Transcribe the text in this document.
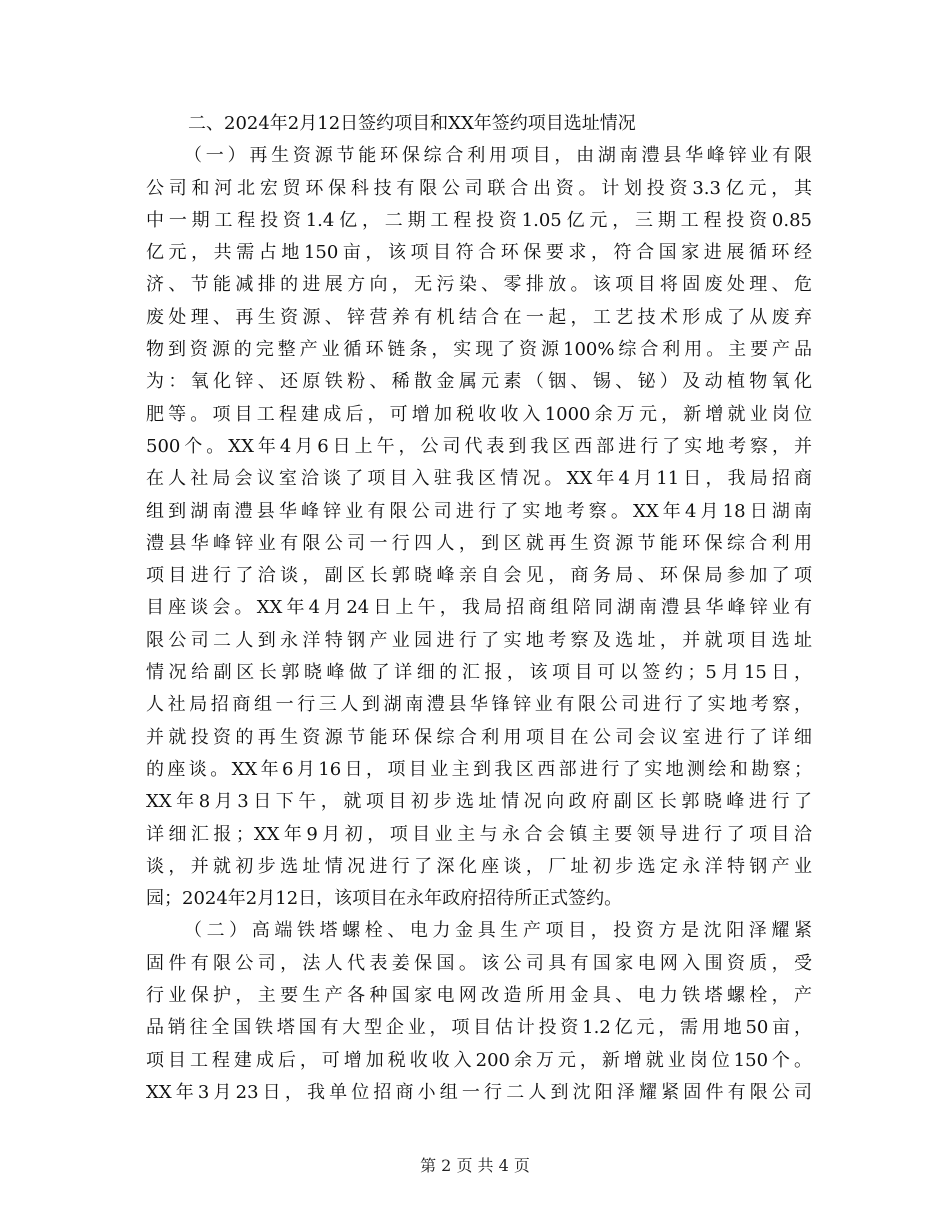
二、2024年2月12日签约项目和XX年签约项目选址情况
（一）再生资源节能环保综合利用项目，由湖南澧县华峰锌业有限
公司和河北宏贸环保科技有限公司联合出资。计划投资3.3亿元，其
中一期工程投资1.4亿，二期工程投资1.05亿元，三期工程投资0.85
亿元，共需占地150亩，该项目符合环保要求，符合国家进展循环经
济、节能减排的进展方向，无污染、零排放。该项目将固废处理、危
废处理、再生资源、锌营养有机结合在一起，工艺技术形成了从废弃
物到资源的完整产业循环链条，实现了资源100%综合利用。主要产品
为：氧化锌、还原铁粉、稀散金属元素（铟、锡、铋）及动植物氧化
肥等。项目工程建成后，可增加税收收入1000余万元，新增就业岗位
500个。XX年4月6日上午，公司代表到我区西部进行了实地考察，并
在人社局会议室洽谈了项目入驻我区情况。XX年4月11日，我局招商
组到湖南澧县华峰锌业有限公司进行了实地考察。XX年4月18日湖南
澧县华峰锌业有限公司一行四人，到区就再生资源节能环保综合利用
项目进行了洽谈，副区长郭晓峰亲自会见，商务局、环保局参加了项
目座谈会。XX年4月24日上午，我局招商组陪同湖南澧县华峰锌业有
限公司二人到永洋特钢产业园进行了实地考察及选址，并就项目选址
情况给副区长郭晓峰做了详细的汇报，该项目可以签约；5月15日，
人社局招商组一行三人到湖南澧县华锋锌业有限公司进行了实地考察，
并就投资的再生资源节能环保综合利用项目在公司会议室进行了详细
的座谈。XX年6月16日，项目业主到我区西部进行了实地测绘和勘察；
XX年8月3日下午，就项目初步选址情况向政府副区长郭晓峰进行了
详细汇报；XX年9月初，项目业主与永合会镇主要领导进行了项目洽
谈，并就初步选址情况进行了深化座谈，厂址初步选定永洋特钢产业
园；2024年2月12日，该项目在永年政府招待所正式签约。
（二）高端铁塔螺栓、电力金具生产项目，投资方是沈阳泽耀紧
固件有限公司，法人代表姜保国。该公司具有国家电网入围资质，受
行业保护，主要生产各种国家电网改造所用金具、电力铁塔螺栓，产
品销往全国铁塔国有大型企业，项目估计投资1.2亿元，需用地50亩，
项目工程建成后，可增加税收收入200余万元，新增就业岗位150个。
XX年3月23日，我单位招商小组一行二人到沈阳泽耀紧固件有限公司
第 2 页 共 4 页
